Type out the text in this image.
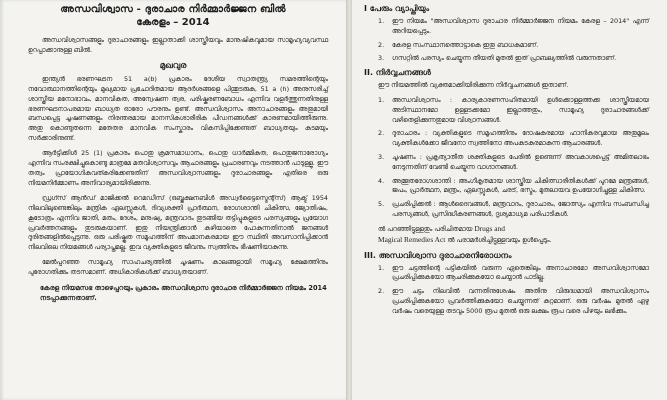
അന്ധവിശ്വാസ - ദുരാചാര നിർമ്മാർജ്ജന ബിൽ
കേരളം – 2014

അന്ധവിശ്വാസങ്ങളും ദുരാചാരങ്ങളും ഇല്ലാതാക്കി ശാസ്ത്രീയവും മാനുഷികവുമായ സാമൂഹ്യവ്യവസ്ഥ ഉറപ്പാക്കാനുള്ള ബിൽ.

മുഖവുര

ഇന്ത്യൻ ഭരണഘടന 51 a(b) പ്രകാരം ദേശീയ സ്വാതന്ത്ര്യ സമരത്തിന്റെയും നവോത്ഥാനത്തിന്റെയും മുഖ്യമായ പ്രചോദിതമായ ആദർശങ്ങളെ പിന്തുടരുക, 51 a (h) അനുസരിച്ച് ശാസ്ത്രീയ മനോഭാവം, മാനവികത, അന്വേഷണ ത്വര, പരിഷ്കരണബോധം എന്നിവ വളർത്തുന്നതിനുള്ള ഭരണഘടനാപരമായ ബാധ്യത ഓരോ പൗരനും ഉണ്ട്. അന്ധവിശ്വാസം അനാചാരങ്ങളും അതുമായി ബന്ധപ്പെട്ട ചൂഷണങ്ങളും നിരന്തരമായ മാനസികശാരീരിക പീഡനങ്ങൾക്ക് കാരണമായിത്തീരുന്നു. അതു കൊണ്ടുതന്നെ മതേതര മാനവിക സംസ്കാരം വികസിപ്പിക്കേണ്ടത് ബാധ്യതയും കടമയും സർക്കാരിനുണ്ട്.

ആർട്ടിക്കിൾ 25 (1) പ്രകാരം പൊതു ക്രമസമാധാനം, പൊതു ധാർമ്മികത, പൊതുജനാരോഗ്യം എന്നിവ സംരക്ഷിച്ചുകൊണ്ടു മാത്രമേ മതവിശ്വാസവും ആചാരങ്ങളും പ്രചാരണവും നടത്താൻ പാടുള്ളൂ. ഈ തത്വം പ്രായോഗികവത്കരിക്കേണ്ടതിന് അന്ധവിശ്വാസങ്ങളും ദുരാചാരങ്ങളും എതിരെ ഒരു നിയമനിർമ്മാണം അനിവാര്യമായിരിക്കുന്നു.

ഡ്രഗ്സ് ആൻഡ് മാജിക്കൽ റെമഡീസ് (ഒബ്ജക്ഷനബിൾ അഡ്വർട്ടൈസ്മെന്റ്സ്) ആക്ട് 1954 നിലവിലുണ്ടെങ്കിലും മന്ത്രിക ഏലസ്സുകൾ, ദിവ്യശക്തി പ്രാർത്ഥന, രോഗശാന്തി ചികിത്സ, ജ്യോതിഷം, കൂടോത്രം എന്നിവ ജാതി, മതം, ദേശം, മനുഷ്യ, മന്ത്രവാദം തുടങ്ങിയ തട്ടിപ്പുകളുടെ പരസ്യങ്ങളും പ്രയോഗ പ്രവർത്തനങ്ങളും തുടരുകയാണ്. ഇതു നിയന്ത്രിക്കാൻ കഴിയാതെ പോകുന്നതിനാൽ ജനങ്ങൾ ദുരിതങ്ങളിൽപ്പെടുന്നു. ഒരു പരിഷ്കൃത സമൂഹത്തിന് അപമാനകരമായ ഈ സ്ഥിതി അവസാനിപ്പിക്കാൻ നിലവിലെ നിയമങ്ങൾ പര്യാപ്തമല്ല. ഇവ വ്യക്തികളുടെ ജീവനും സ്വത്തിനും ഭീഷണിയാകുന്നു.

മേൽപ്പറഞ്ഞ സാമൂഹ്യ സാഹചര്യത്തിൽ ചൂഷണം കാലങ്ങളായി സമൂഹ്യ ക്ഷേമത്തിനും പുരോഗതിക്കും തടസമാണ്. അധികാരികൾക്ക് ബാധ്യതയാണ്.

കേരള നിയമസഭ താഴെപ്പറയും പ്രകാരം അന്ധവിശ്വാസ ദുരാചാര നിർമ്മാർജ്ജന നിയമം 2014 നടപ്പാക്കുന്നതാണ്.
I പേരും വ്യാപ്തിയും
1.	ഈ നിയമം "അന്ധവിശ്വാസ ദുരാചാര നിർമ്മാർജ്ജന നിയമം കേരള – 2014" എന്ന് അറിയപ്പെടും.
2.	കേരള സംസ്ഥാനത്തൊട്ടാകെ ഇതു ബാധകമാണ്.
3.	ഗസറ്റിൽ പരസ്യം ചെയ്യുന്ന തീയതി മുതൽ ഇത് പ്രാബല്യത്തിൽ വരുന്നതാണ്.
II. നിർവ്വചനങ്ങൾ

ഈ നിയമത്തിൽ വ്യക്തമാക്കിയിരിക്കുന്ന നിർവ്വചനങ്ങൾ ഇതാണ്.

1.	അന്ധവിശ്വാസം : കാര്യകാരണസഹിതമായി ഉൾക്കൊള്ളത്തക്ക ശാസ്ത്രീയമായ അടിസ്ഥാനമോ ഉള്ളടക്കമോ ഇല്ലാത്തതും, സാമൂഹ്യ ദുരാചാരങ്ങൾക്ക് വഴിതെളിക്കുന്നതുമായ വിശ്വാസങ്ങൾ.
2.	ദുരാചാരം : വ്യക്തികളുടെ സമൂഹത്തിനും ദോഷകരമായ ഹാനികരവുമായ അതുമൂലം വ്യക്തികൾക്കോ ജീവനോ സ്വത്തിനോ അപകടകരമാകുന്ന ആചാരങ്ങൾ.
3.	ചൂഷണം : പ്രകൃത്യാതീത ശക്തികളുടെ പേരിൽ ഉണ്ടെന്ന് അവകാശപ്പെട്ട് അമിതലാഭം നേടുന്നതിന് വേണ്ടി ചെയ്യുന്ന വാഗ്ദാനങ്ങൾ.
4.	അത്ഭുതരോഗശാന്തി : അംഗീകൃതമായ ശാസ്ത്രീയ ചികിത്സാരീതികൾക്ക് പുറമേ മന്ത്രങ്ങൾ, ജപം, പ്രാർത്ഥന, മന്ത്രം, ഏലസ്സുകൾ, ചരട്, ഭസ്മം, മുതലായവ ഉപയോഗിച്ചുള്ള ചികിത്സ.
5.	പ്രചരിപ്പിക്കൽ : ആൾദൈവങ്ങൾ, മന്ത്രവാദം, ദുരാചാരം, ജോത്സ്യം എന്നിവ സംബന്ധിച്ച പരസ്യങ്ങൾ, പ്രസിദ്ധീകരണങ്ങൾ, ദൃശ്യമാധ്യമ പരിപാടികൾ.

ൽ പറഞ്ഞിട്ടുള്ളതും പരിചിതമായ Drugs and
Magical Remedies Act ൽ പരാമർശിച്ചിട്ടുള്ളവയും ഉൾപ്പെടും.

III. അന്ധവിശ്വാസ ദുരാചാരനിരോധനം
1.	ഈ ചട്ടത്തിന്റെ പട്ടികയിൽ വരുന്ന ഏതെങ്കിലും അനാചാരമോ അന്ധവിശ്വാസമോ പ്രചരിപ്പിക്കുകയോ ആചരിക്കുകയോ ചെയ്യാൻ പാടില്ല.
2.	ഈ ചട്ടം നിലവിൽ വന്നതിനുശേഷം അതിനു വിരുദ്ധമായി അന്ധവിശ്വാസം പ്രചരിപ്പിക്കുകയോ പ്രവർത്തിക്കുകയോ ചെയ്യുന്നത് കുറ്റമാണ്. ഒരു വർഷം മുതൽ ഏഴു വർഷം വരെയുള്ള തടവും 5000 രൂപ മുതൽ ഒരു ലക്ഷം രൂപ വരെ പിഴയും ലഭിക്കും.
